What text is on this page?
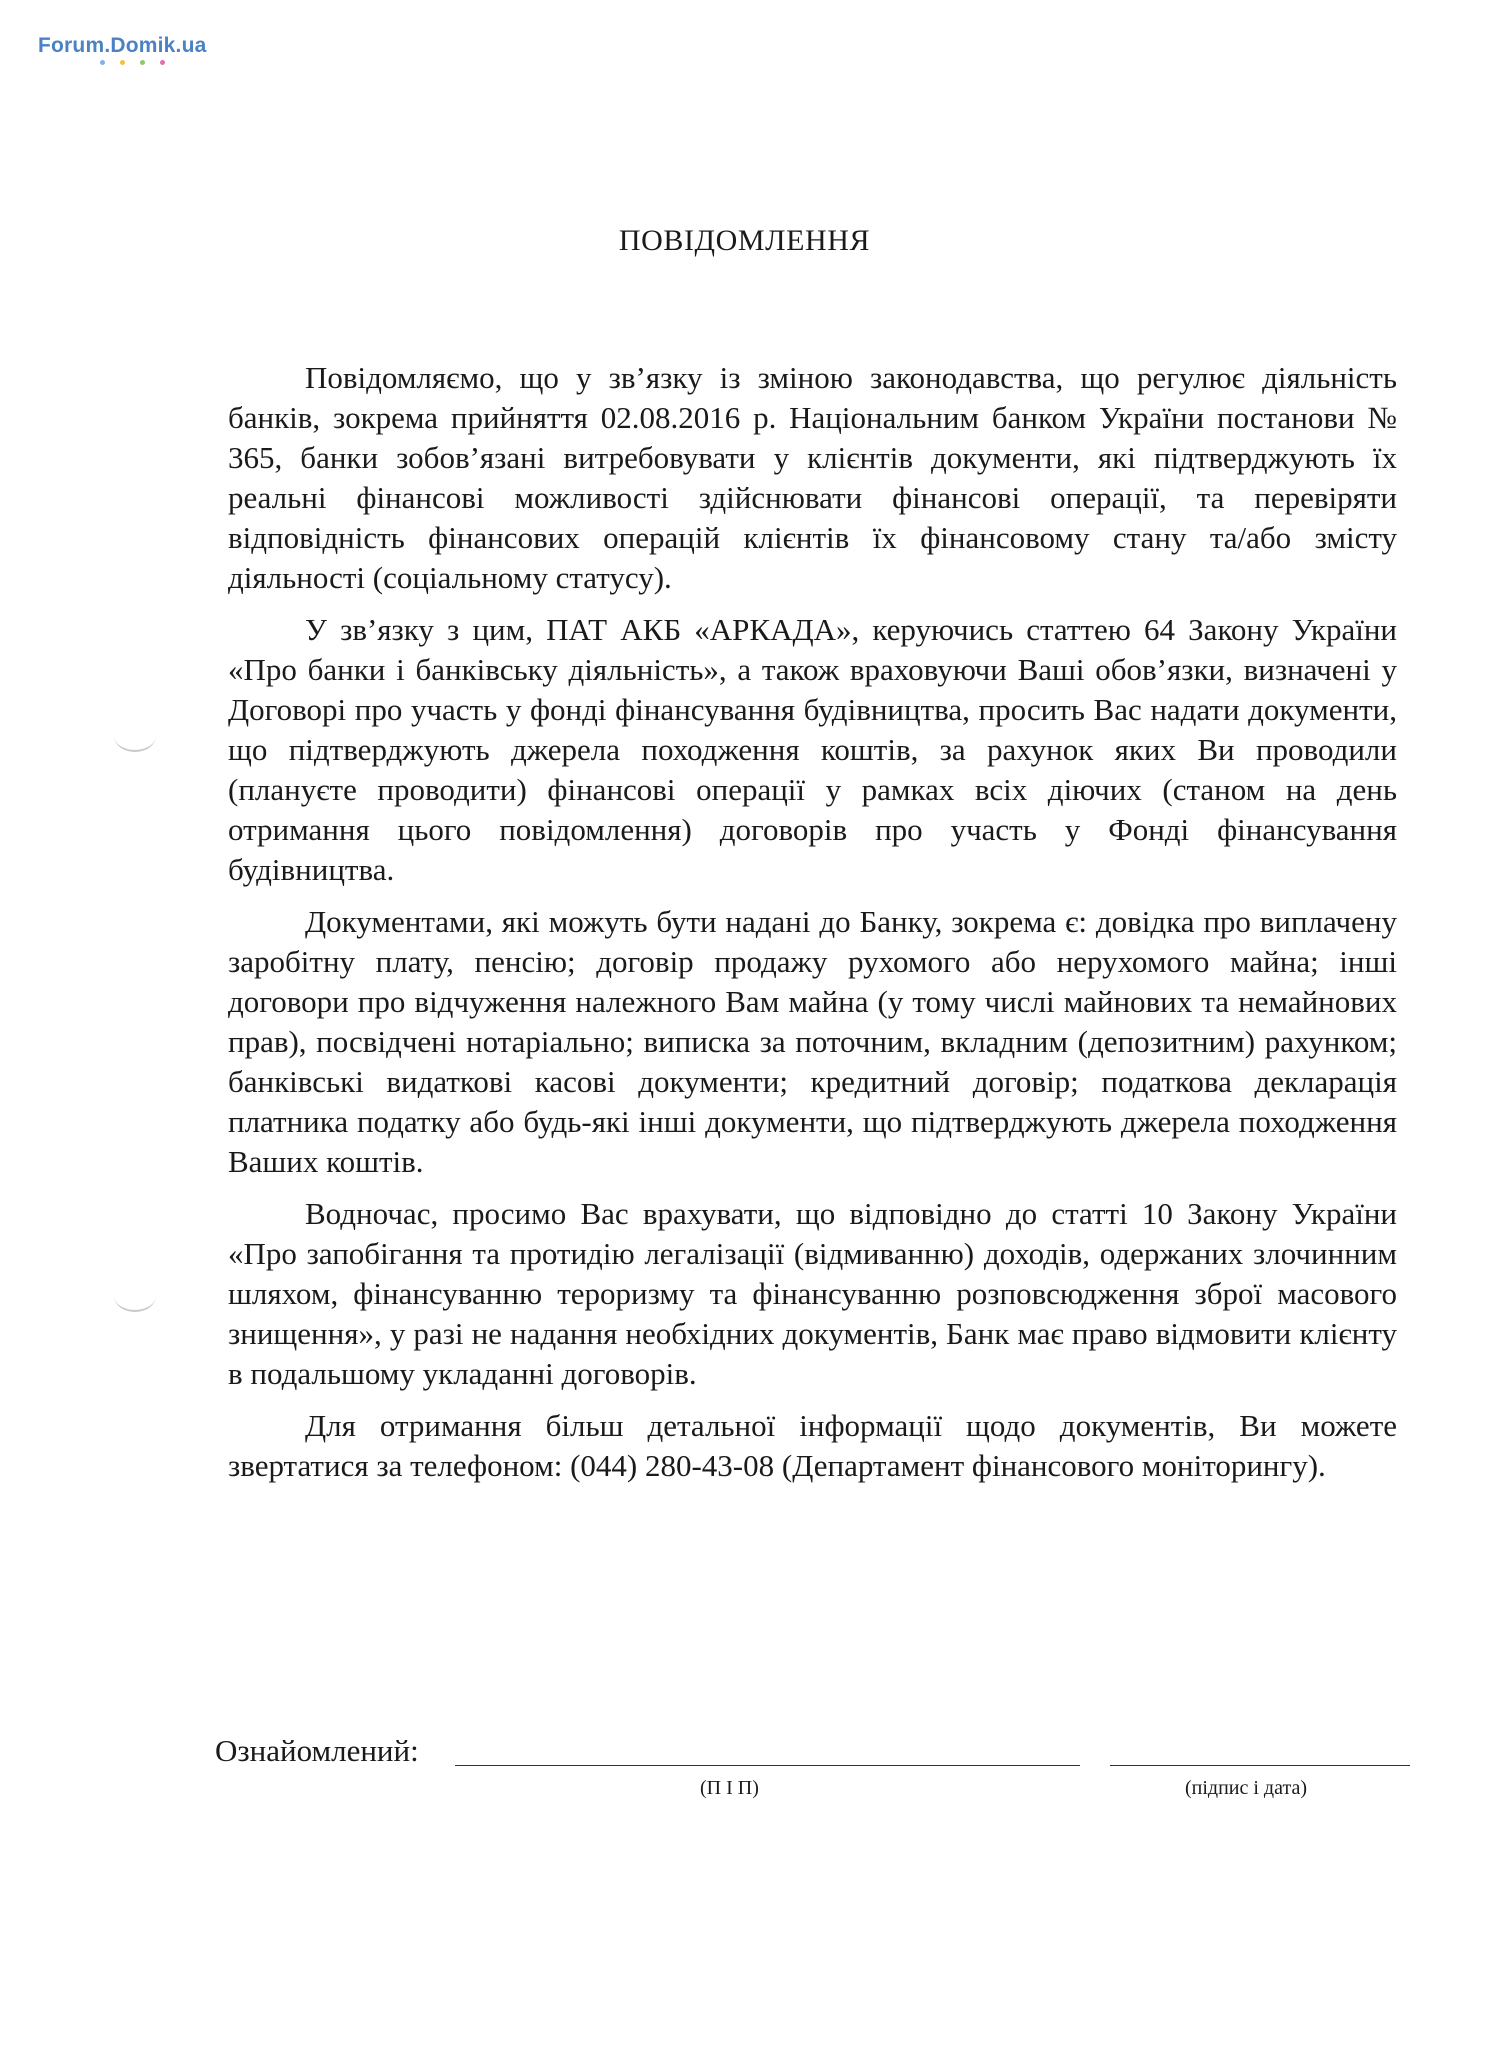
Forum.Domik.ua
ПОВІДОМЛЕННЯ

Повідомляємо, що у зв’язку із зміною законодавства, що регулює діяльність банків, зокрема прийняття 02.08.2016 р. Національним банком України постанови № 365, банки зобов’язані витребовувати у клієнтів документи, які підтверджують їх реальні фінансові можливості здійснювати фінансові операції, та перевіряти відповідність фінансових операцій клієнтів їх фінансовому стану та/або змісту діяльності (соціальному статусу).

У зв’язку з цим, ПАТ АКБ «АРКАДА», керуючись статтею 64 Закону України «Про банки і банківську діяльність», а також враховуючи Ваші обов’язки, визначені у Договорі про участь у фонді фінансування будівництва, просить Вас надати документи, що підтверджують джерела походження коштів, за рахунок яких Ви проводили (плануєте проводити) фінансові операції у рамках всіх діючих (станом на день отримання цього повідомлення) договорів про участь у Фонді фінансування будівництва.

Документами, які можуть бути надані до Банку, зокрема є: довідка про виплачену заробітну плату, пенсію; договір продажу рухомого або нерухомого майна; інші договори про відчуження належного Вам майна (у тому числі майнових та немайнових прав), посвідчені нотаріально; виписка за поточним, вкладним (депозитним) рахунком; банківські видаткові касові документи; кредитний договір; податкова декларація платника податку або будь-які інші документи, що підтверджують джерела походження Ваших коштів.

Водночас, просимо Вас врахувати, що відповідно до статті 10 Закону України «Про запобігання та протидію легалізації (відмиванню) доходів, одержаних злочинним шляхом, фінансуванню тероризму та фінансуванню розповсюдження зброї масового знищення», у разі не надання необхідних документів, Банк має право відмовити клієнту в подальшому укладанні договорів.

Для отримання більш детальної інформації щодо документів, Ви можете звертатися за телефоном: (044) 280-43-08 (Департамент фінансового моніторингу).

Ознайомлений:
(П І П)	(підпис і дата)
